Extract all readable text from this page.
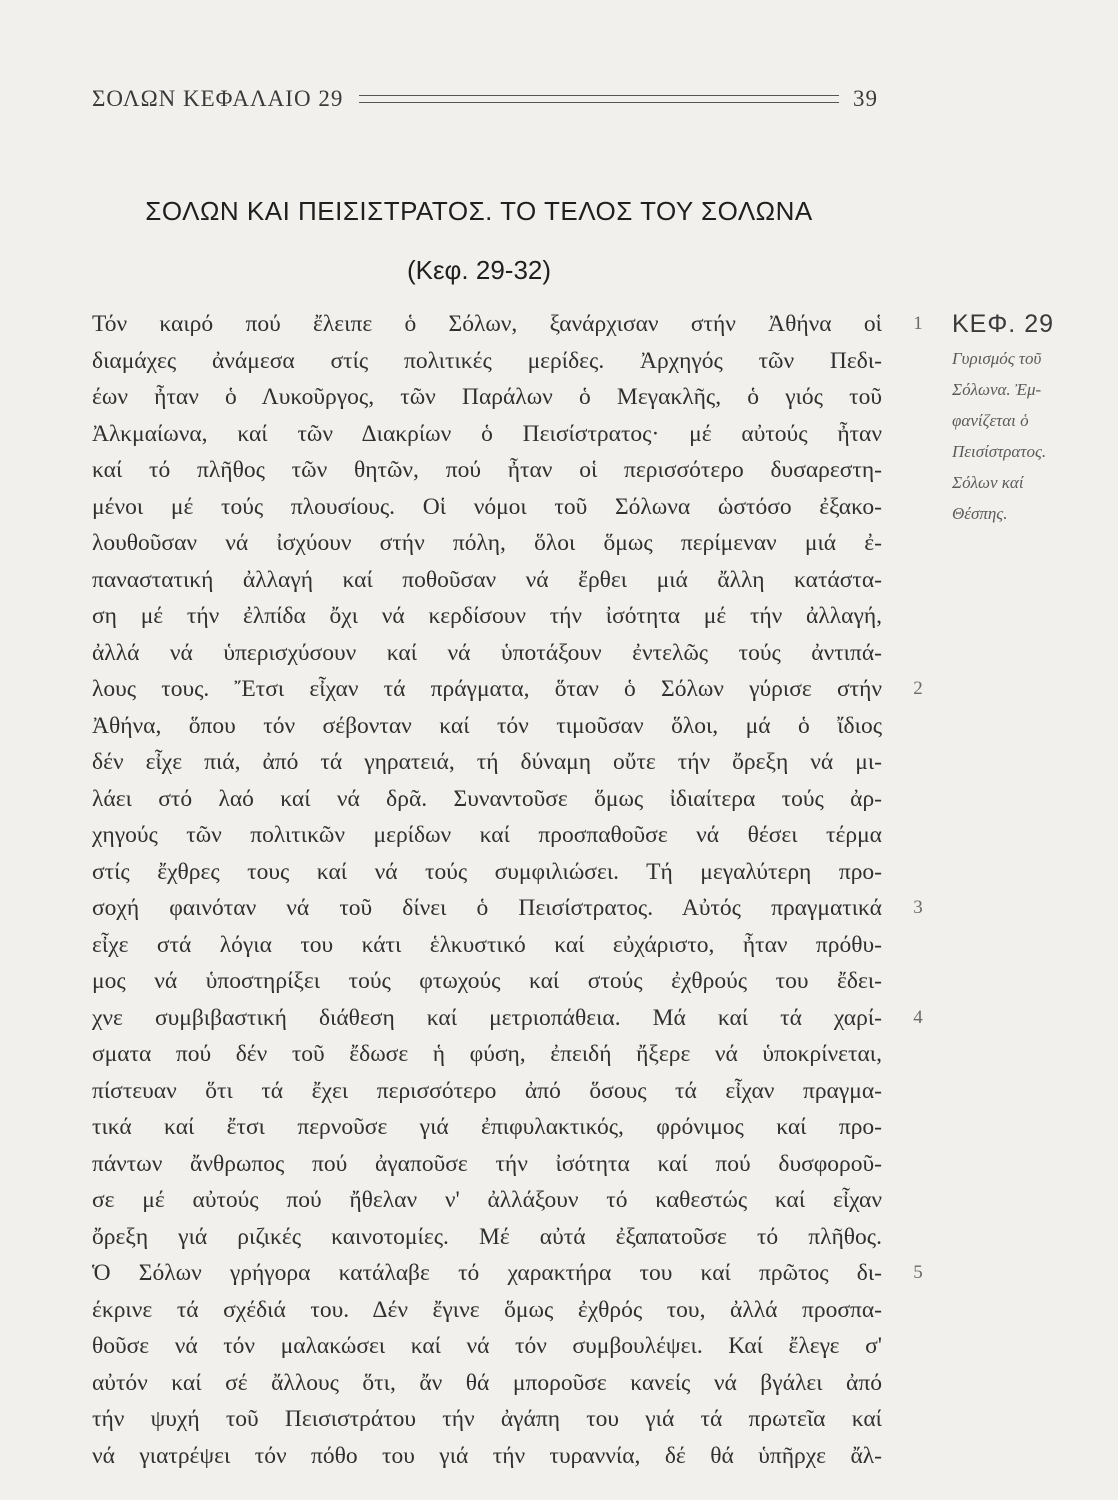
ΣΟΛΩΝ ΚΕΦΑΛΑΙΟ 29	39
ΣΟΛΩΝ ΚΑΙ ΠΕΙΣΙΣΤΡΑΤΟΣ. ΤΟ ΤΕΛΟΣ ΤΟΥ ΣΟΛΩΝΑ
(Κεφ. 29-32)
Τόν καιρό πού ἔλειπε ὁ Σόλων, ξανάρχισαν στήν Ἀθήνα οἱ
διαμάχες ἀνάμεσα στίς πολιτικές μερίδες. Ἀρχηγός τῶν Πεδι-
έων ἦταν ὁ Λυκοῦργος, τῶν Παράλων ὁ Μεγακλῆς, ὁ γιός τοῦ
Ἀλκμαίωνα, καί τῶν Διακρίων ὁ Πεισίστρατος· μέ αὐτούς ἦταν
καί τό πλῆθος τῶν θητῶν, πού ἦταν οἱ περισσότερο δυσαρεστη-
μένοι μέ τούς πλουσίους. Οἱ νόμοι τοῦ Σόλωνα ὡστόσο ἐξακο-
λουθοῦσαν νά ἰσχύουν στήν πόλη, ὅλοι ὅμως περίμεναν μιά ἐ-
παναστατική ἀλλαγή καί ποθοῦσαν νά ἔρθει μιά ἄλλη κατάστα-
ση μέ τήν ἐλπίδα ὄχι νά κερδίσουν τήν ἰσότητα μέ τήν ἀλλαγή,
ἀλλά νά ὑπερισχύσουν καί νά ὑποτάξουν ἐντελῶς τούς ἀντιπά-
λους τους. Ἔτσι εἶχαν τά πράγματα, ὅταν ὁ Σόλων γύρισε στήν
Ἀθήνα, ὅπου τόν σέβονταν καί τόν τιμοῦσαν ὅλοι, μά ὁ ἴδιος
δέν εἶχε πιά, ἀπό τά γηρατειά, τή δύναμη οὔτε τήν ὄρεξη νά μι-
λάει στό λαό καί νά δρᾶ. Συναντοῦσε ὅμως ἰδιαίτερα τούς ἀρ-
χηγούς τῶν πολιτικῶν μερίδων καί προσπαθοῦσε νά θέσει τέρμα
στίς ἔχθρες τους καί νά τούς συμφιλιώσει. Τή μεγαλύτερη προ-
σοχή φαινόταν νά τοῦ δίνει ὁ Πεισίστρατος. Αὐτός πραγματικά
εἶχε στά λόγια του κάτι ἑλκυστικό καί εὐχάριστο, ἦταν πρόθυ-
μος νά ὑποστηρίξει τούς φτωχούς καί στούς ἐχθρούς του ἔδει-
χνε συμβιβαστική διάθεση καί μετριοπάθεια. Μά καί τά χαρί-
σματα πού δέν τοῦ ἔδωσε ἡ φύση, ἐπειδή ἤξερε νά ὑποκρίνεται,
πίστευαν ὅτι τά ἔχει περισσότερο ἀπό ὅσους τά εἶχαν πραγμα-
τικά καί ἔτσι περνοῦσε γιά ἐπιφυλακτικός, φρόνιμος καί προ-
πάντων ἄνθρωπος πού ἀγαποῦσε τήν ἰσότητα καί πού δυσφοροῦ-
σε μέ αὐτούς πού ἤθελαν ν' ἀλλάξουν τό καθεστώς καί εἶχαν
ὄρεξη γιά ριζικές καινοτομίες. Μέ αὐτά ἐξαπατοῦσε τό πλῆθος.
Ὁ Σόλων γρήγορα κατάλαβε τό χαρακτήρα του καί πρῶτος δι-
έκρινε τά σχέδιά του. Δέν ἔγινε ὅμως ἐχθρός του, ἀλλά προσπα-
θοῦσε νά τόν μαλακώσει καί νά τόν συμβουλέψει. Καί ἔλεγε σ'
αὐτόν καί σέ ἄλλους ὅτι, ἄν θά μποροῦσε κανείς νά βγάλει ἀπό
τήν ψυχή τοῦ Πεισιστράτου τήν ἀγάπη του γιά τά πρωτεῖα καί
νά γιατρέψει τόν πόθο του γιά τήν τυραννία, δέ θά ὑπῆρχε ἄλ-
1
2
3
4
5
ΚΕΦ. 29
Γυρισμός τοῦ
Σόλωνα. Ἐμ-
φανίζεται ὁ
Πεισίστρατος.
Σόλων καί
Θέσπης.
